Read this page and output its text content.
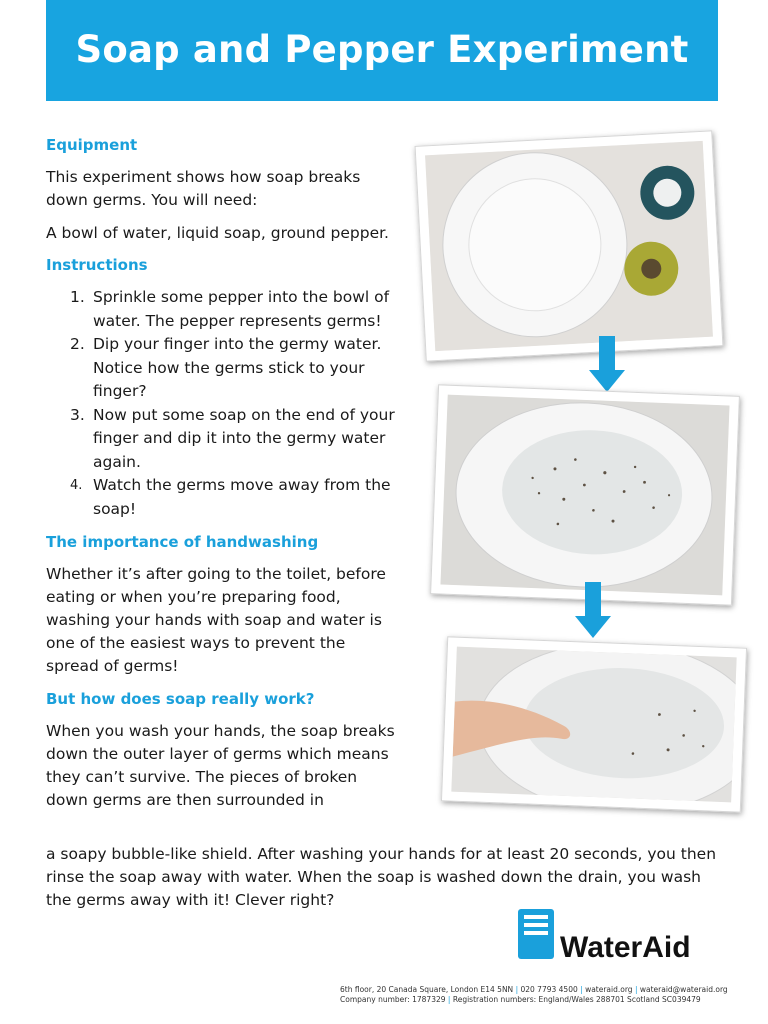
Soap and Pepper Experiment

Equipment

This experiment shows how soap breaks down germs. You will need:

A bowl of water, liquid soap, ground pepper.

Instructions

1. Sprinkle some pepper into the bowl of water. The pepper represents germs!
2. Dip your finger into the germy water. Notice how the germs stick to your finger?
3. Now put some soap on the end of your finger and dip it into the germy water again.
4. Watch the germs move away from the soap!

The importance of handwashing

Whether it’s after going to the toilet, before eating or when you’re preparing food, washing your hands with soap and water is one of the easiest ways to prevent the spread of germs!

But how does soap really work?

When you wash your hands, the soap breaks down the outer layer of germs which means they can’t survive. The pieces of broken down germs are then surrounded in

a soapy bubble-like shield. After washing your hands for at least 20 seconds, you then rinse the soap away with water. When the soap is washed down the drain, you wash the germs away with it! Clever right?

WaterAid
6th floor, 20 Canada Square, London E14 5NN | 020 7793 4500 | wateraid.org | wateraid@wateraid.org
Company number: 1787329 | Registration numbers: England/Wales 288701 Scotland SC039479
